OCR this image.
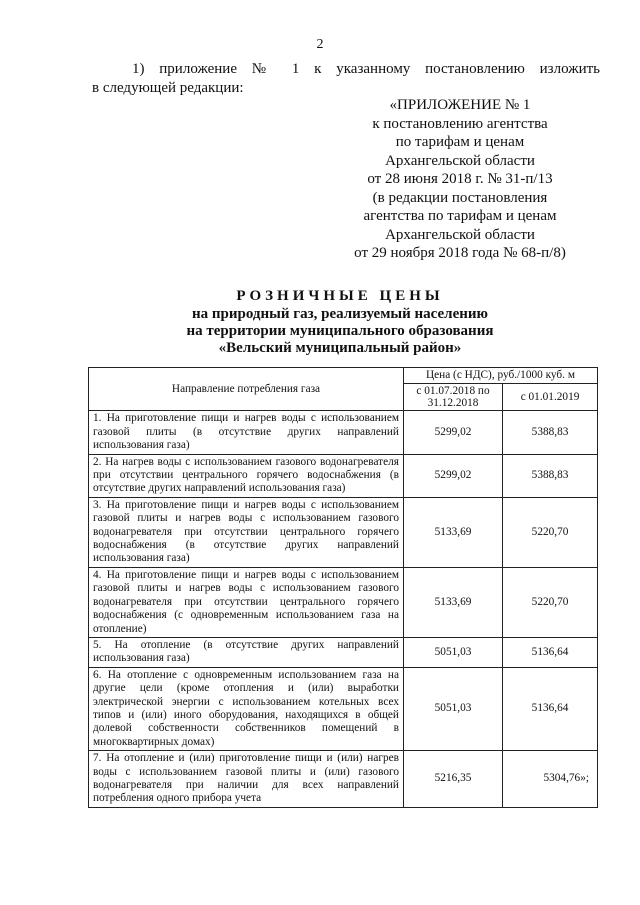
2
1) приложение № 1 к указанному постановлению изложить
в следующей редакции:
«ПРИЛОЖЕНИЕ № 1
к постановлению агентства
по тарифам и ценам
Архангельской области
от 28 июня 2018 г. № 31-п/13
(в редакции постановления
агентства по тарифам и ценам
Архангельской области
от 29 ноября 2018 года № 68-п/8)
РОЗНИЧНЫЕ ЦЕНЫ
на природный газ, реализуемый населению
на территории муниципального образования
«Вельский муниципальный район»
Направление потребления газа	Цена (с НДС), руб./1000 куб. м	
	с 01.07.2018 по 31.12.2018	с 01.01.2019
1. На приготовление пищи и нагрев воды с использованием газовой плиты (в отсутствие других направлений использования газа)	5299,02	5388,83
2. На нагрев воды с использованием газового водонагревателя при отсутствии центрального горячего водоснабжения (в отсутствие других направлений использования газа)	5299,02	5388,83
3. На приготовление пищи и нагрев воды с использованием газовой плиты и нагрев воды с использованием газового водонагревателя при отсутствии центрального горячего водоснабжения (в отсутствие других направлений использования газа)	5133,69	5220,70
4. На приготовление пищи и нагрев воды с использованием газовой плиты и нагрев воды с использованием газового водонагревателя при отсутствии центрального горячего водоснабжения (с одновременным использованием газа на отопление)	5133,69	5220,70
5. На отопление (в отсутствие других направлений использования газа)	5051,03	5136,64
6. На отопление с одновременным использованием газа на другие цели (кроме отопления и (или) выработки электрической энергии с использованием котельных всех типов и (или) иного оборудования, находящихся в общей долевой собственности собственников помещений в многоквартирных домах)	5051,03	5136,64
7. На отопление и (или) приготовление пищи и (или) нагрев воды с использованием газовой плиты и (или) газового водонагревателя при наличии для всех направлений потребления одного прибора учета	5216,35	5304,76»;
